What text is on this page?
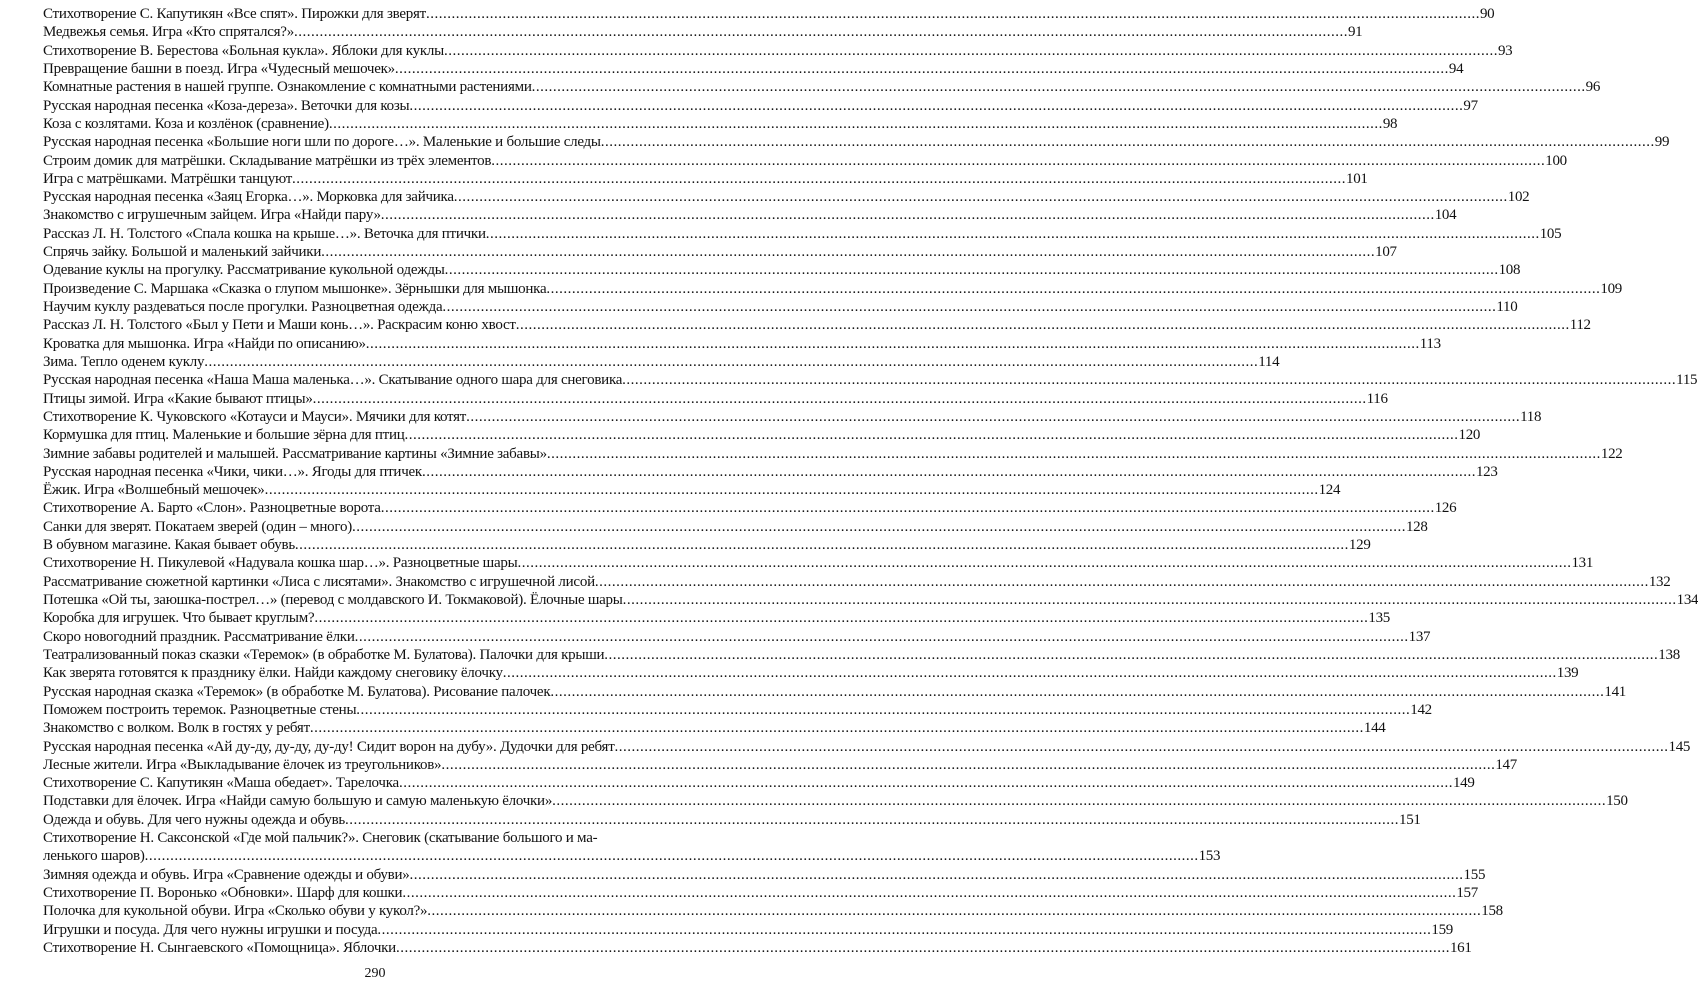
Стихотворение С. Капутикян «Все спят». Пирожки для зверят .....	90
Медвежья семья. Игра «Кто спрятался?» .....	91
Стихотворение В. Берестова «Больная кукла». Яблоки для куклы .....	93
Превращение башни в поезд. Игра «Чудесный мешочек» .....	94
Комнатные растения в нашей группе. Ознакомление с комнатными растениями .....	96
Русская народная песенка «Коза-дереза». Веточки для козы .....	97
Коза с козлятами. Коза и козлёнок (сравнение) .....	98
Русская народная песенка «Большие ноги шли по дороге…». Маленькие и большие следы .....	99
Строим домик для матрёшки. Складывание матрёшки из трёх элементов .....	100
Игра с матрёшками. Матрёшки танцуют .....	101
Русская народная песенка «Заяц Егорка…». Морковка для зайчика .....	102
Знакомство с игрушечным зайцем. Игра «Найди пару» .....	104
Рассказ Л. Н. Толстого «Спала кошка на крыше…». Веточка для птички .....	105
Спрячь зайку. Большой и маленький зайчики .....	107
Одевание куклы на прогулку. Рассматривание кукольной одежды .....	108
Произведение С. Маршака «Сказка о глупом мышонке». Зёрнышки для мышонка .....	109
Научим куклу раздеваться после прогулки. Разноцветная одежда .....	110
Рассказ Л. Н. Толстого «Был у Пети и Маши конь…». Раскрасим коню хвост .....	112
Кроватка для мышонка. Игра «Найди по описанию» .....	113
Зима. Тепло оденем куклу .....	114
Русская народная песенка «Наша Маша маленька…». Скатывание одного шара для снеговика .....	115
Птицы зимой. Игра «Какие бывают птицы» .....	116
Стихотворение К. Чуковского «Котауси и Мауси». Мячики для котят .....	118
Кормушка для птиц. Маленькие и большие зёрна для птиц .....	120
Зимние забавы родителей и малышей. Рассматривание картины «Зимние забавы» .....	122
Русская народная песенка «Чики, чики…». Ягоды для птичек .....	123
Ёжик. Игра «Волшебный мешочек» .....	124
Стихотворение А. Барто «Слон». Разноцветные ворота .....	126
Санки для зверят. Покатаем зверей (один – много) .....	128
В обувном магазине. Какая бывает обувь .....	129
Стихотворение Н. Пикулевой «Надувала кошка шар…». Разноцветные шары .....	131
Рассматривание сюжетной картинки «Лиса с лисятами». Знакомство с игрушечной лисой .....	132
Потешка «Ой ты, заюшка-пострел…» (перевод с молдавского И. Токмаковой). Ёлочные шары .....	134
Коробка для игрушек. Что бывает круглым? .....	135
Скоро новогодний праздник. Рассматривание ёлки .....	137
Театрализованный показ сказки «Теремок» (в обработке М. Булатова). Палочки для крыши .....	138
Как зверята готовятся к празднику ёлки. Найди каждому снеговику ёлочку .....	139
Русская народная сказка «Теремок» (в обработке М. Булатова). Рисование палочек .....	141
Поможем построить теремок. Разноцветные стены .....	142
Знакомство с волком. Волк в гостях у ребят .....	144
Русская народная песенка «Ай ду-ду, ду-ду, ду-ду! Сидит ворон на дубу». Дудочки для ребят .....	145
Лесные жители. Игра «Выкладывание ёлочек из треугольников» .....	147
Стихотворение С. Капутикян «Маша обедает». Тарелочка .....	149
Подставки для ёлочек. Игра «Найди самую большую и самую маленькую ёлочки» .....	150
Одежда и обувь. Для чего нужны одежда и обувь .....	151
Стихотворение Н. Саксонской «Где мой пальчик?». Снеговик (скатывание большого и ма-
ленького шаров) .....	153
Зимняя одежда и обувь. Игра «Сравнение одежды и обуви» .....	155
Стихотворение П. Воронько «Обновки». Шарф для кошки .....	157
Полочка для кукольной обуви. Игра «Сколько обуви у кукол?» .....	158
Игрушки и посуда. Для чего нужны игрушки и посуда .....	159
Стихотворение Н. Сынгаевского «Помощница». Яблочки .....	161
290
